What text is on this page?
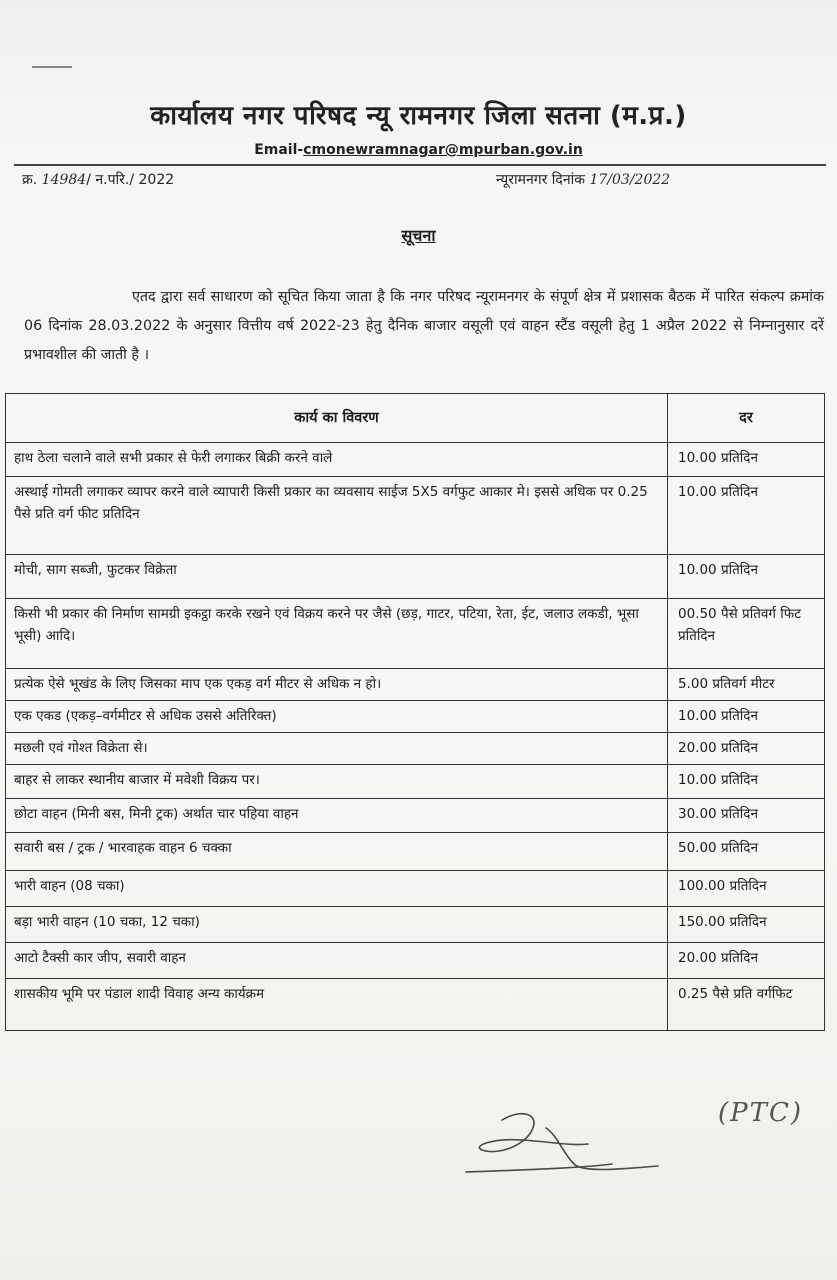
कार्यालय नगर परिषद न्यू रामनगर जिला सतना (म.प्र.)
Email-cmonewramnagar@mpurban.gov.in
क्र. 14984/ न.परि./ 2022	न्यूरामनगर दिनांक 17/03/2022
सूचना
एतद द्वारा सर्व साधारण को सूचित किया जाता है कि नगर परिषद न्यूरामनगर के संपूर्ण क्षेत्र में प्रशासक बैठक में पारित संकल्प क्रमांक 06 दिनांक 28.03.2022 के अनुसार वित्तीय वर्ष 2022-23 हेतु दैनिक बाजार वसूली एवं वाहन स्टैंड वसूली हेतु 1 अप्रैल 2022 से निम्नानुसार दरें प्रभावशील की जाती है ।
कार्य का विवरण	दर
हाथ ठेला चलाने वाले सभी प्रकार से फेरी लगाकर बिक्री करने वाले	10.00 प्रतिदिन
अस्थाई गोमती लगाकर व्यापर करने वाले व्यापारी किसी प्रकार का व्यवसाय साईज 5X5 वर्गफुट आकार मे। इससे अधिक पर 0.25 पैसे प्रति वर्ग फीट प्रतिदिन	10.00 प्रतिदिन
मोची, साग सब्जी, फुटकर विक्रेता	10.00 प्रतिदिन
किसी भी प्रकार की निर्माण सामग्री इकट्ठा करके रखने एवं विक्रय करने पर जैसे (छड़, गाटर, पटिया, रेता, ईट, जलाउ लकडी, भूसा भूसी) आदि।	00.50 पैसे प्रतिवर्ग फिट प्रतिदिन
प्रत्येक ऐसे भूखंड के लिए जिसका माप एक एकड़ वर्ग मीटर से अधिक न हो।	5.00 प्रतिवर्ग मीटर
एक एकड (एकड़–वर्गमीटर से अधिक उससे अतिरिक्त)	10.00 प्रतिदिन
मछली एवं गोश्त विक्रेता से।	20.00 प्रतिदिन
बाहर से लाकर स्थानीय बाजार में मवेशी विक्रय पर।	10.00 प्रतिदिन
छोटा वाहन (मिनी बस, मिनी ट्रक) अर्थात चार पहिया वाहन	30.00 प्रतिदिन
सवारी बस / ट्रक / भारवाहक वाहन 6 चक्का	50.00 प्रतिदिन
भारी वाहन (08 चका)	100.00 प्रतिदिन
बड़ा भारी वाहन (10 चका, 12 चका)	150.00 प्रतिदिन
आटो टैक्सी कार जीप, सवारी वाहन	20.00 प्रतिदिन
शासकीय भूमि पर पंडाल शादी विवाह अन्य कार्यक्रम	0.25 पैसे प्रति वर्गफिट
(PTC)
